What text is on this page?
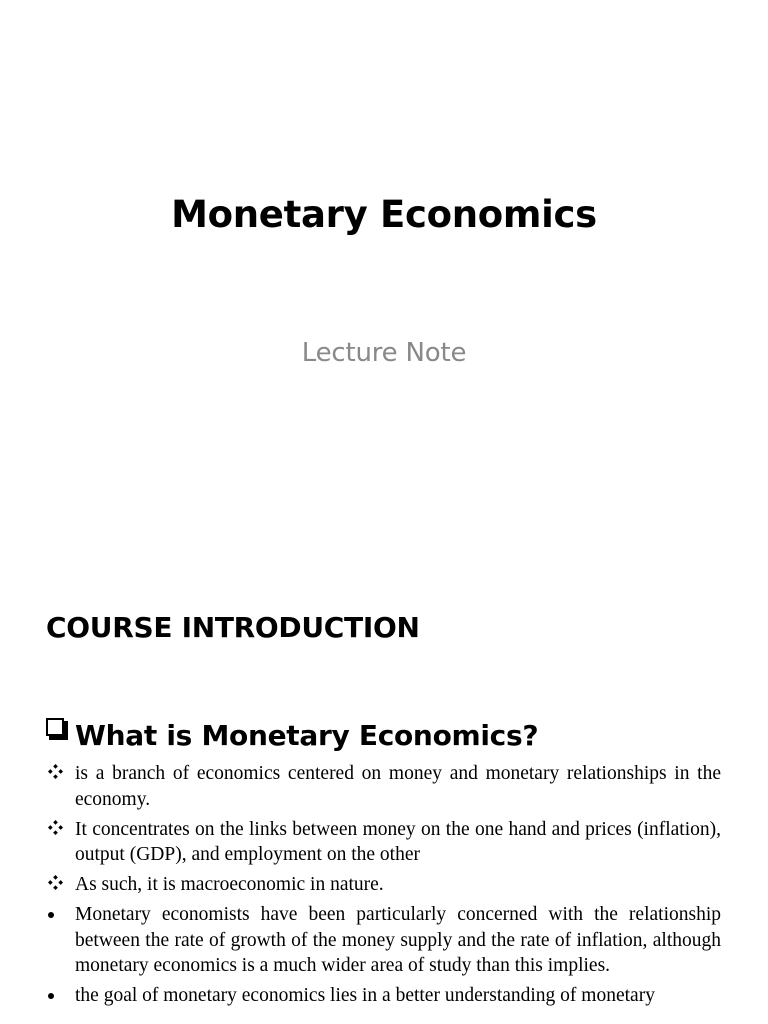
Monetary Economics
Lecture Note
COURSE INTRODUCTION
What is Monetary Economics?
is a branch of economics centered on money and monetary relationships in the economy.
It concentrates on the links between money on the one hand and prices (inflation), output (GDP), and employment on the other
As such, it is macroeconomic in nature.
Monetary economists have been particularly concerned with the relationship between the rate of growth of the money supply and the rate of inflation, although monetary economics is a much wider area of study than this implies.
the goal of monetary economics lies in a better understanding of monetary
